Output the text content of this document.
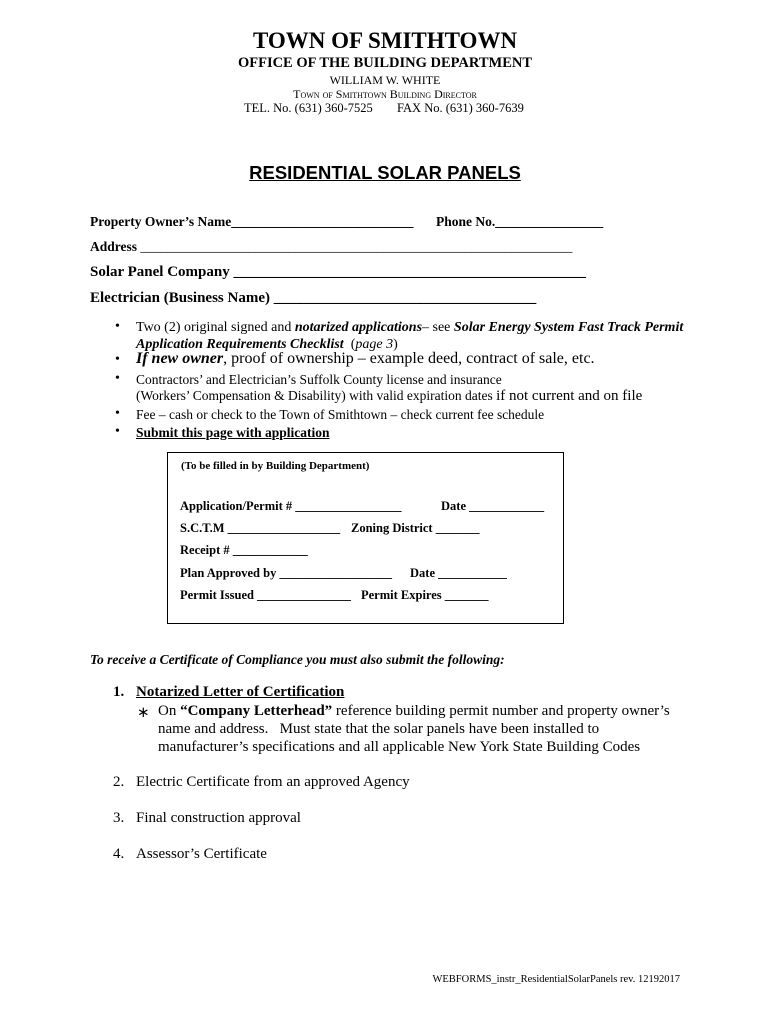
TOWN OF SMITHTOWN
OFFICE OF THE BUILDING DEPARTMENT
WILLIAM W. WHITE
Town of Smithtown Building Director
TEL. No. (631) 360-7525 FAX No. (631) 360-7639
RESIDENTIAL SOLAR PANELS
Property Owner’s Name___________________________ Phone No.________________
Address ________________________________________________________________
Solar Panel Company _______________________________________________
Electrician (Business Name) ___________________________________
• Two (2) original signed and notarized applications– see Solar Energy System Fast Track Permit
Application Requirements Checklist (page 3)
• If new owner, proof of ownership – example deed, contract of sale, etc.
• Contractors’ and Electrician’s Suffolk County license and insurance
(Workers’ Compensation & Disability) with valid expiration dates if not current and on file
• Fee – cash or check to the Town of Smithtown – check current fee schedule
• Submit this page with application
(To be filled in by Building Department)
Application/Permit # _________________	Date ____________
S.C.T.M __________________ Zoning District _______
Receipt # ____________
Plan Approved by __________________ Date ___________
Permit Issued _______________ Permit Expires _______
To receive a Certificate of Compliance you must also submit the following:
1. Notarized Letter of Certification
∗ On “Company Letterhead” reference building permit number and property owner’s
name and address.   Must state that the solar panels have been installed to
manufacturer’s specifications and all applicable New York State Building Codes
2. Electric Certificate from an approved Agency
3. Final construction approval
4. Assessor’s Certificate
WEBFORMS_instr_ResidentialSolarPanels rev. 12192017
